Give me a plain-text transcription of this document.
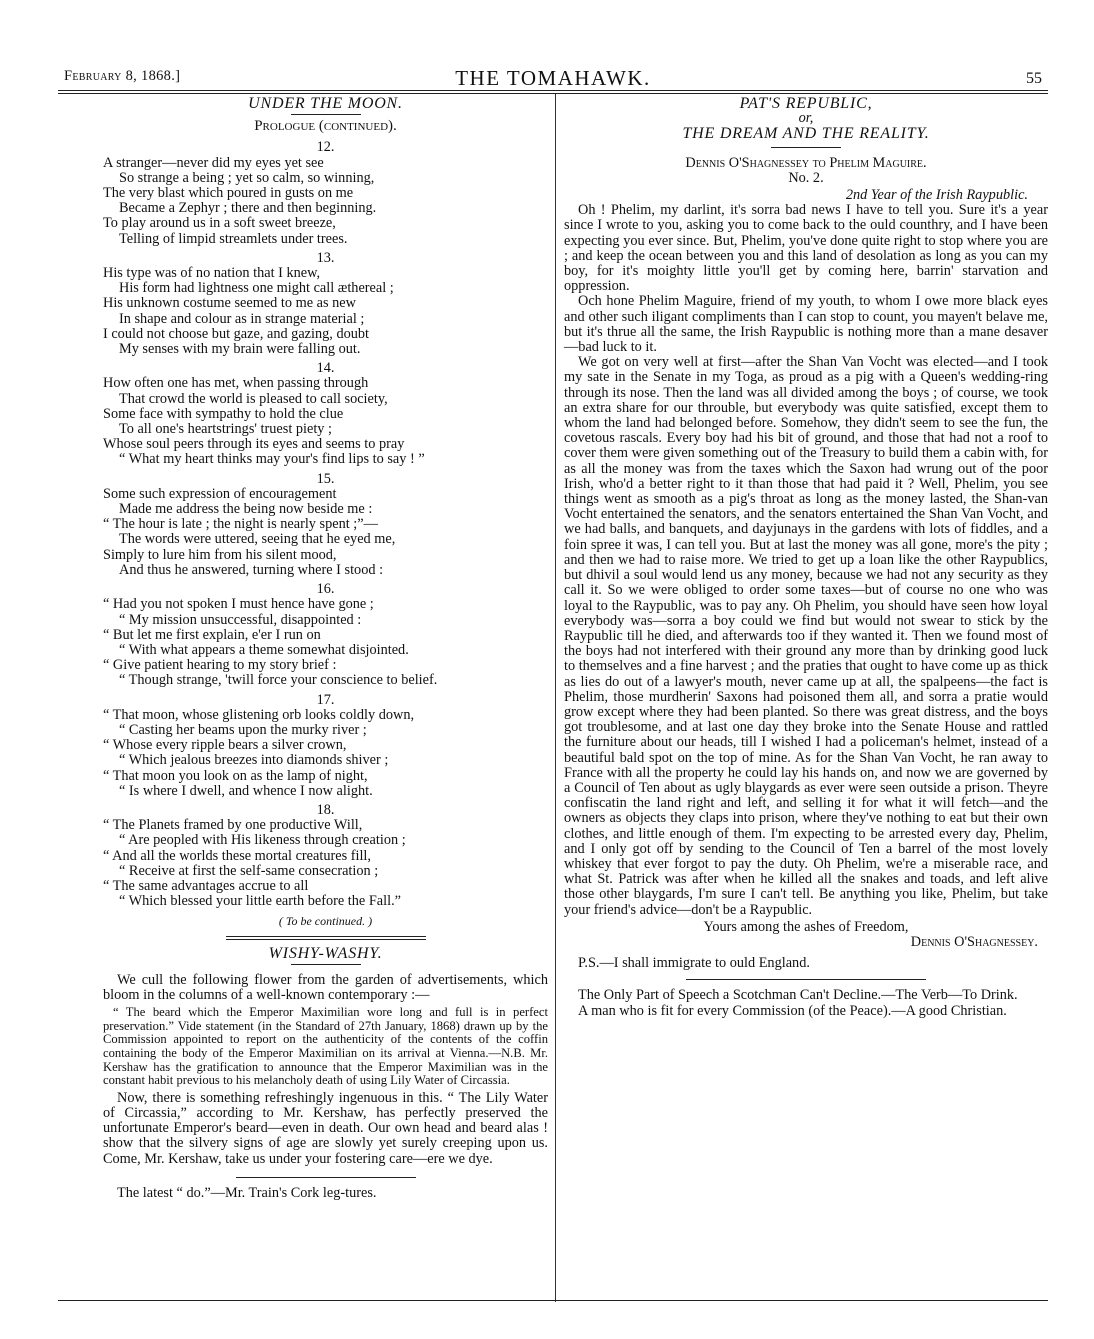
February 8, 1868.]	THE TOMAHAWK.	55

UNDER THE MOON.

Prologue (continued).

12.

A stranger—never did my eyes yet see

So strange a being ; yet so calm, so winning,

The very blast which poured in gusts on me

Became a Zephyr ; there and then beginning.

To play around us in a soft sweet breeze,

Telling of limpid streamlets under trees.

13.

His type was of no nation that I knew,

His form had lightness one might call æthereal ;

His unknown costume seemed to me as new

In shape and colour as in strange material ;

I could not choose but gaze, and gazing, doubt

My senses with my brain were falling out.

14.

How often one has met, when passing through

That crowd the world is pleased to call society,

Some face with sympathy to hold the clue

To all one's heartstrings' truest piety ;

Whose soul peers through its eyes and seems to pray

“ What my heart thinks may your's find lips to say ! ”

15.

Some such expression of encouragement

Made me address the being now beside me :

“ The hour is late ; the night is nearly spent ;”—

The words were uttered, seeing that he eyed me,

Simply to lure him from his silent mood,

And thus he answered, turning where I stood :

16.

“ Had you not spoken I must hence have gone ;

“ My mission unsuccessful, disappointed :

“ But let me first explain, e'er I run on

“ With what appears a theme somewhat disjointed.

“ Give patient hearing to my story brief :

“ Though strange, 'twill force your conscience to belief.

17.

“ That moon, whose glistening orb looks coldly down,

“ Casting her beams upon the murky river ;

“ Whose every ripple bears a silver crown,

“ Which jealous breezes into diamonds shiver ;

“ That moon you look on as the lamp of night,

“ Is where I dwell, and whence I now alight.

18.

“ The Planets framed by one productive Will,

“ Are peopled with His likeness through creation ;

“ And all the worlds these mortal creatures fill,

“ Receive at first the self-same consecration ;

“ The same advantages accrue to all

“ Which blessed your little earth before the Fall.”

( To be continued. )

WISHY-WASHY.

We cull the following flower from the garden of advertisements, which bloom in the columns of a well-known contemporary :—

“ The beard which the Emperor Maximilian wore long and full is in perfect preservation.” Vide statement (in the Standard of 27th January, 1868) drawn up by the Commission appointed to report on the authenticity of the contents of the coffin containing the body of the Emperor Maximilian on its arrival at Vienna.—N.B. Mr. Kershaw has the gratification to announce that the Emperor Maximilian was in the constant habit previous to his melancholy death of using Lily Water of Circassia.

Now, there is something refreshingly ingenuous in this. “ The Lily Water of Circassia,” according to Mr. Kershaw, has perfectly preserved the unfortunate Emperor's beard—even in death. Our own head and beard alas ! show that the silvery signs of age are slowly yet surely creeping upon us. Come, Mr. Kershaw, take us under your fostering care—ere we dye.

The latest “ do.”—Mr. Train's Cork leg-tures.

PAT'S REPUBLIC,

or,

THE DREAM AND THE REALITY.

Dennis O'Shagnessey to Phelim Maguire.

No. 2.

2nd Year of the Irish Raypublic.

Oh ! Phelim, my darlint, it's sorra bad news I have to tell you. Sure it's a year since I wrote to you, asking you to come back to the ould counthry, and I have been expecting you ever since. But, Phelim, you've done quite right to stop where you are ; and keep the ocean between you and this land of desolation as long as you can my boy, for it's moighty little you'll get by coming here, barrin' starvation and oppression.

Och hone Phelim Maguire, friend of my youth, to whom I owe more black eyes and other such iligant compliments than I can stop to count, you mayen't belave me, but it's thrue all the same, the Irish Raypublic is nothing more than a mane desaver—bad luck to it.

We got on very well at first—after the Shan Van Vocht was elected—and I took my sate in the Senate in my Toga, as proud as a pig with a Queen's wedding-ring through its nose. Then the land was all divided among the boys ; of course, we took an extra share for our throuble, but everybody was quite satisfied, except them to whom the land had belonged before. Somehow, they didn't seem to see the fun, the covetous rascals. Every boy had his bit of ground, and those that had not a roof to cover them were given something out of the Treasury to build them a cabin with, for as all the money was from the taxes which the Saxon had wrung out of the poor Irish, who'd a better right to it than those that had paid it ? Well, Phelim, you see things went as smooth as a pig's throat as long as the money lasted, the Shan-van Vocht entertained the senators, and the senators entertained the Shan Van Vocht, and we had balls, and banquets, and dayjunays in the gardens with lots of fiddles, and a foin spree it was, I can tell you. But at last the money was all gone, more's the pity ; and then we had to raise more. We tried to get up a loan like the other Raypublics, but dhivil a soul would lend us any money, because we had not any security as they call it. So we were obliged to order some taxes—but of course no one who was loyal to the Raypublic, was to pay any. Oh Phelim, you should have seen how loyal everybody was—sorra a boy could we find but would not swear to stick by the Raypublic till he died, and afterwards too if they wanted it. Then we found most of the boys had not interfered with their ground any more than by drinking good luck to themselves and a fine harvest ; and the praties that ought to have come up as thick as lies do out of a lawyer's mouth, never came up at all, the spalpeens—the fact is Phelim, those murdherin' Saxons had poisoned them all, and sorra a pratie would grow except where they had been planted. So there was great distress, and the boys got troublesome, and at last one day they broke into the Senate House and rattled the furniture about our heads, till I wished I had a policeman's helmet, instead of a beautiful bald spot on the top of mine. As for the Shan Van Vocht, he ran away to France with all the property he could lay his hands on, and now we are governed by a Council of Ten about as ugly blaygards as ever were seen outside a prison. Theyre confiscatin the land right and left, and selling it for what it will fetch—and the owners as objects they claps into prison, where they've nothing to eat but their own clothes, and little enough of them. I'm expecting to be arrested every day, Phelim, and I only got off by sending to the Council of Ten a barrel of the most lovely whiskey that ever forgot to pay the duty. Oh Phelim, we're a miserable race, and what St. Patrick was after when he killed all the snakes and toads, and left alive those other blaygards, I'm sure I can't tell. Be anything you like, Phelim, but take your friend's advice—don't be a Raypublic.

Yours among the ashes of Freedom,

Dennis O'Shagnessey.

P.S.—I shall immigrate to ould England.

The Only Part of Speech a Scotchman Can't Decline.—The Verb—To Drink.

A man who is fit for every Commission (of the Peace).—A good Christian.
